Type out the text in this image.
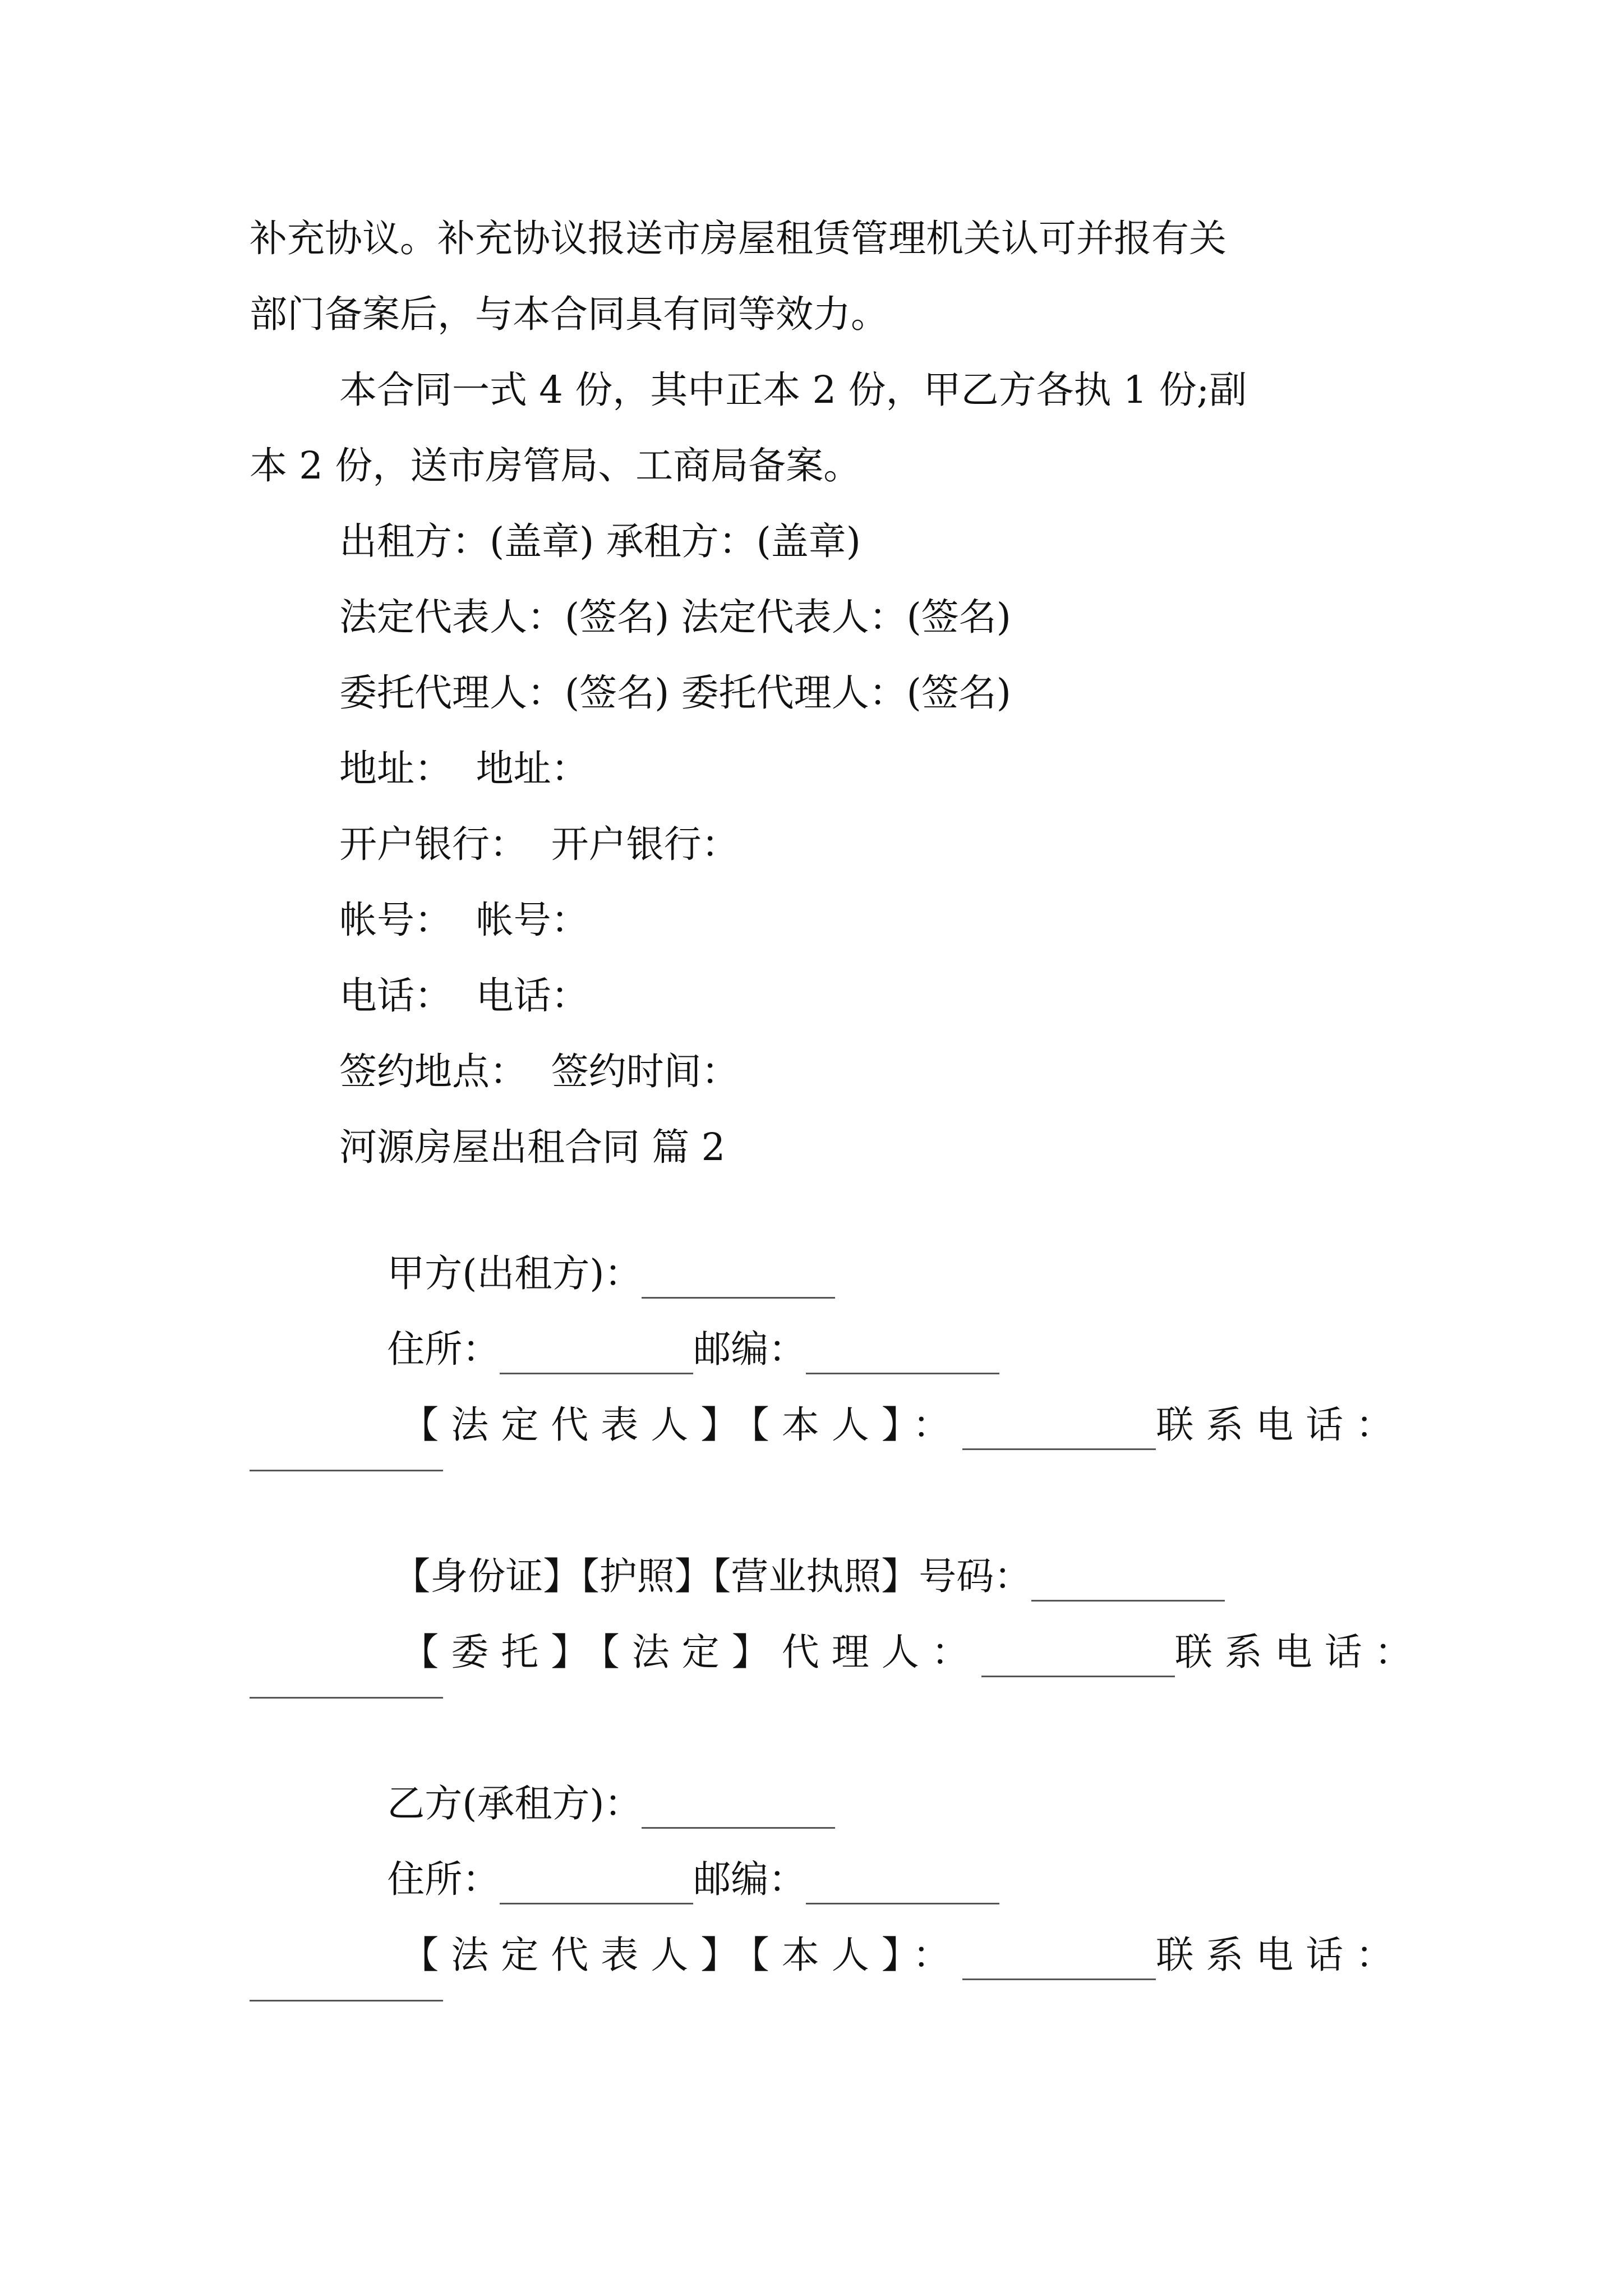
补充协议。补充协议报送市房屋租赁管理机关认可并报有关
部门备案后，与本合同具有同等效力。
本合同一式 4 份，其中正本 2 份，甲乙方各执 1 份;副
本 2 份，送市房管局、工商局备案。
出租方：(盖章) 承租方：(盖章)
法定代表人：(签名) 法定代表人：(签名)
委托代理人：(签名) 委托代理人：(签名)
地址：  地址：
开户银行：  开户银行：
帐号：  帐号：
电话：  电话：
签约地点：  签约时间：
河源房屋出租合同 篇 2

甲方(出租方)：

住所：	邮编：

【法定代表人】【本人】：	联系电话：

【身份证】【护照】【营业执照】号码：

【委托】【法定】代理人：	联系电话：

乙方(承租方)：

住所：	邮编：

【法定代表人】【本人】：	联系电话：
